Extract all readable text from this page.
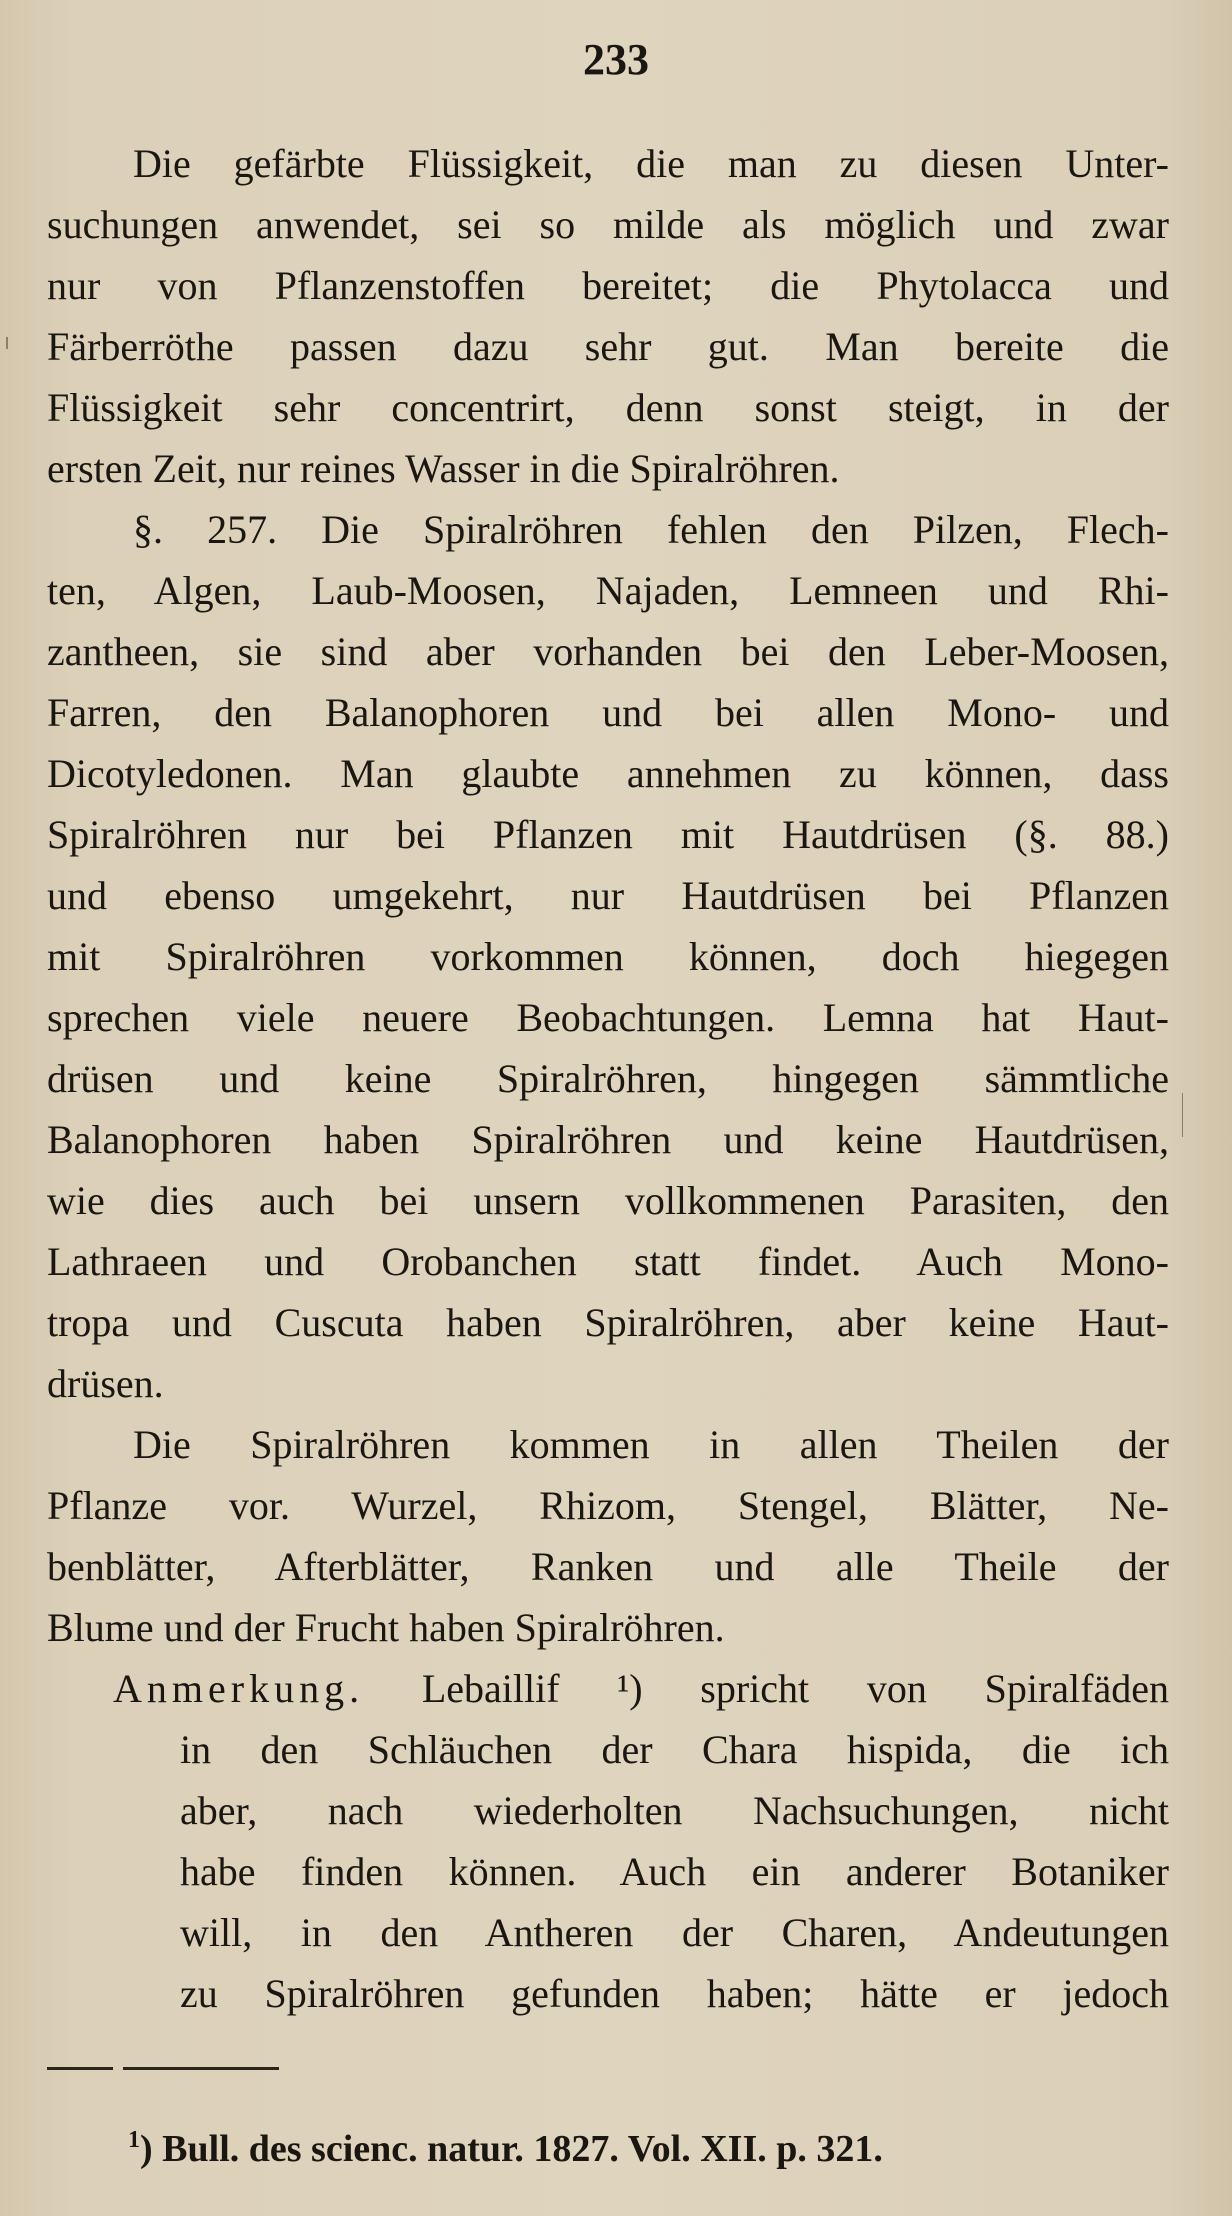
233
Die gefärbte Flüssigkeit, die man zu diesen Unter-
suchungen anwendet, sei so milde als möglich und zwar
nur von Pflanzenstoffen bereitet; die Phytolacca und
Färberröthe passen dazu sehr gut. Man bereite die
Flüssigkeit sehr concentrirt, denn sonst steigt, in der
ersten Zeit, nur reines Wasser in die Spiralröhren.
§. 257. Die Spiralröhren fehlen den Pilzen, Flech-
ten, Algen, Laub-Moosen, Najaden, Lemneen und Rhi-
zantheen, sie sind aber vorhanden bei den Leber-Moosen,
Farren, den Balanophoren und bei allen Mono- und
Dicotyledonen. Man glaubte annehmen zu können, dass
Spiralröhren nur bei Pflanzen mit Hautdrüsen (§. 88.)
und ebenso umgekehrt, nur Hautdrüsen bei Pflanzen
mit Spiralröhren vorkommen können, doch hiegegen
sprechen viele neuere Beobachtungen. Lemna hat Haut-
drüsen und keine Spiralröhren, hingegen sämmtliche
Balanophoren haben Spiralröhren und keine Hautdrüsen,
wie dies auch bei unsern vollkommenen Parasiten, den
Lathraeen und Orobanchen statt findet. Auch Mono-
tropa und Cuscuta haben Spiralröhren, aber keine Haut-
drüsen.
Die Spiralröhren kommen in allen Theilen der
Pflanze vor. Wurzel, Rhizom, Stengel, Blätter, Ne-
benblätter, Afterblätter, Ranken und alle Theile der
Blume und der Frucht haben Spiralröhren.
Anmerkung. Lebaillif ¹) spricht von Spiralfäden
in den Schläuchen der Chara hispida, die ich
aber, nach wiederholten Nachsuchungen, nicht
habe finden können. Auch ein anderer Botaniker
will, in den Antheren der Charen, Andeutungen
zu Spiralröhren gefunden haben; hätte er jedoch
$^1$) Bull. des scienc. natur. 1827. Vol. XII. p. 321.
